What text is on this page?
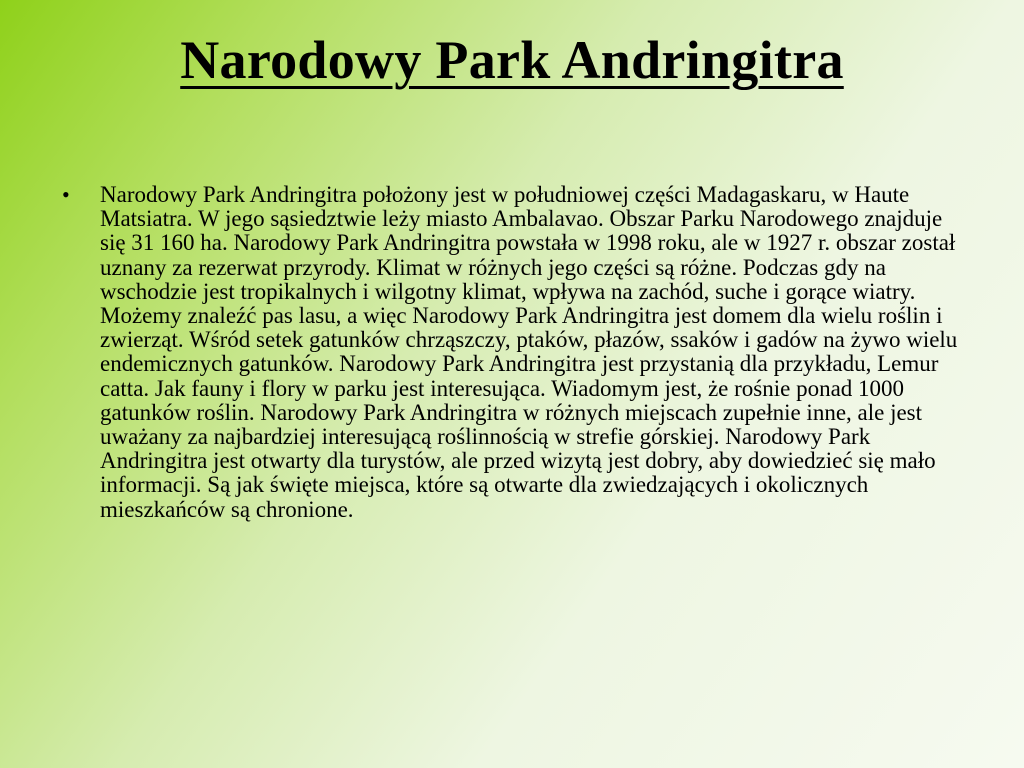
Narodowy Park Andringitra
• Narodowy Park Andringitra położony jest w południowej części Madagaskaru, w Haute Matsiatra. W jego sąsiedztwie leży miasto Ambalavao. Obszar Parku Narodowego znajduje się 31 160 ha. Narodowy Park Andringitra powstała w 1998 roku, ale w 1927 r. obszar został uznany za rezerwat przyrody. Klimat w różnych jego części są różne. Podczas gdy na wschodzie jest tropikalnych i wilgotny klimat, wpływa na zachód, suche i gorące wiatry. Możemy znaleźć pas lasu, a więc Narodowy Park Andringitra jest domem dla wielu roślin i zwierząt. Wśród setek gatunków chrząszczy, ptaków, płazów, ssaków i gadów na żywo wielu endemicznych gatunków. Narodowy Park Andringitra jest przystanią dla przykładu, Lemur catta. Jak fauny i flory w parku jest interesująca. Wiadomym jest, że rośnie ponad 1000 gatunków roślin. Narodowy Park Andringitra w różnych miejscach zupełnie inne, ale jest uważany za najbardziej interesującą roślinnością w strefie górskiej. Narodowy Park Andringitra jest otwarty dla turystów, ale przed wizytą jest dobry, aby dowiedzieć się mało informacji. Są jak święte miejsca, które są otwarte dla zwiedzających i okolicznych mieszkańców są chronione.
